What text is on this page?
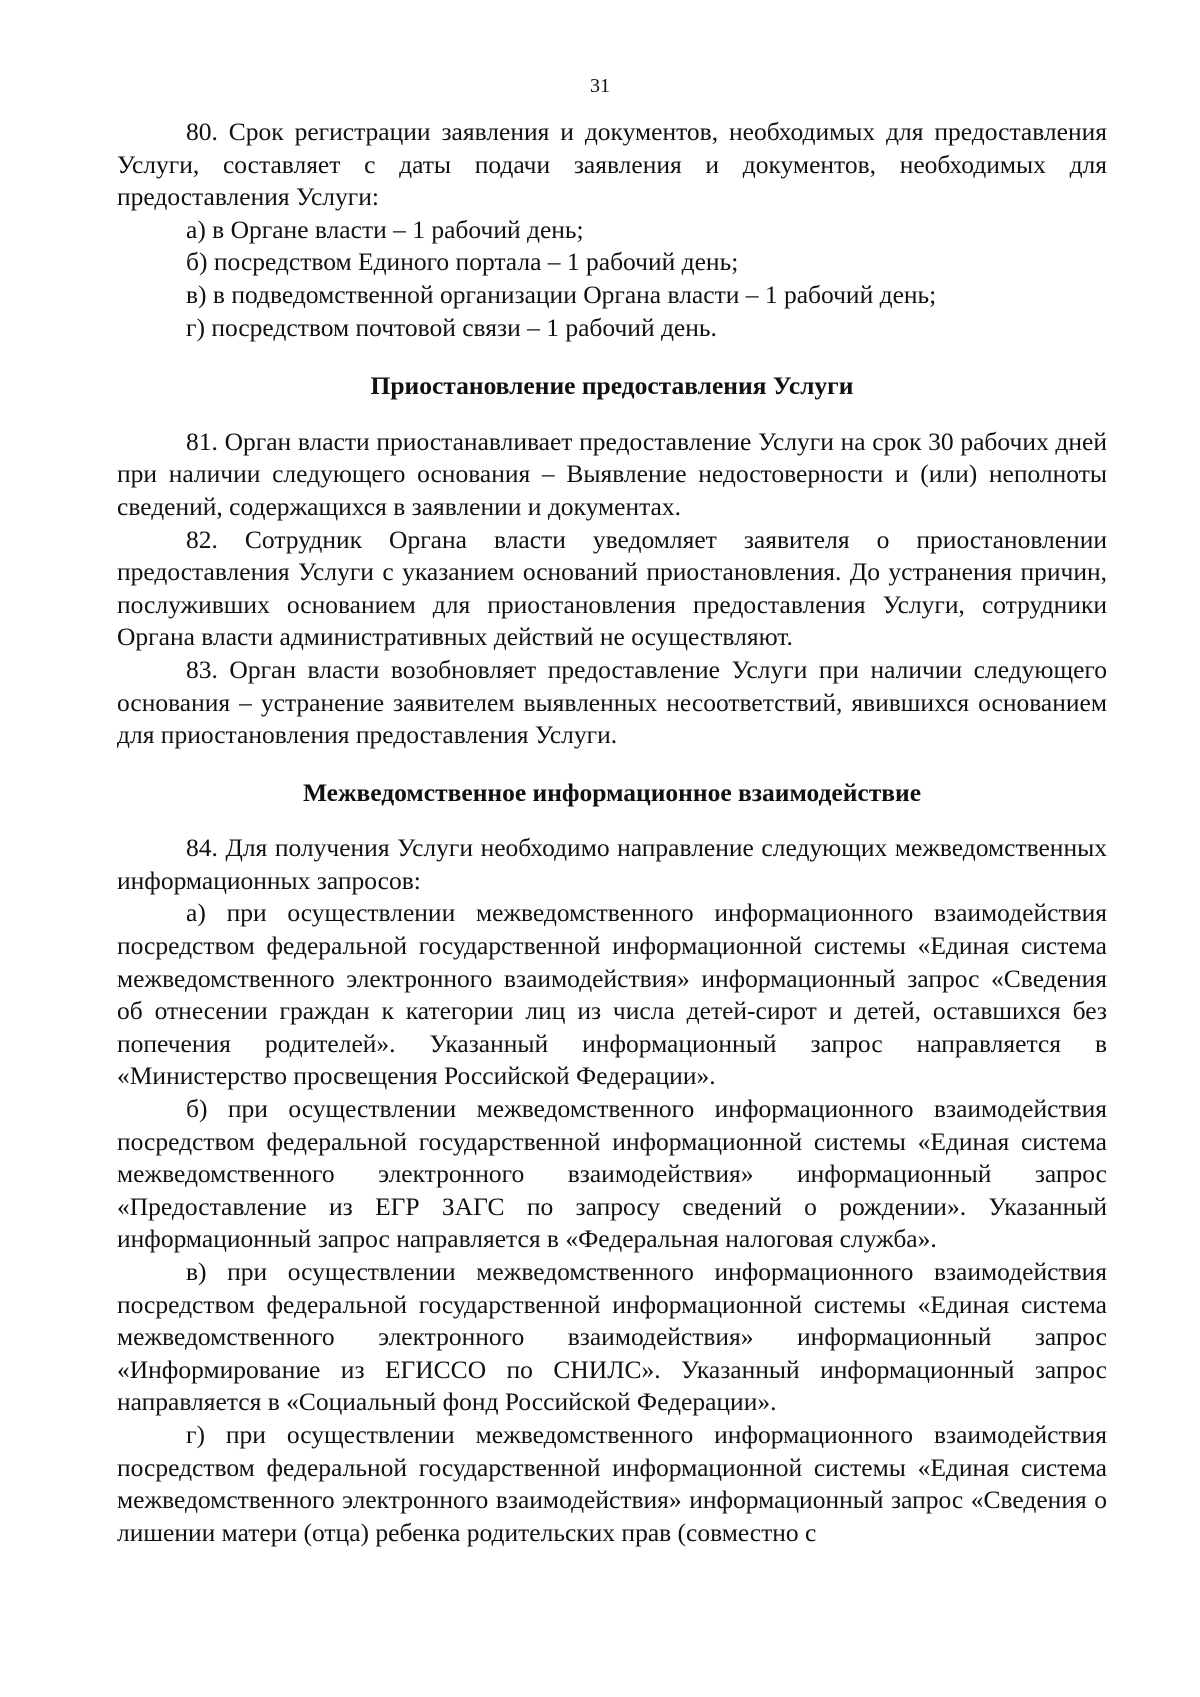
31

80. Срок регистрации заявления и документов, необходимых для предоставления Услуги, составляет с даты подачи заявления и документов, необходимых для предоставления Услуги:

а) в Органе власти – 1 рабочий день;

б) посредством Единого портала – 1 рабочий день;

в) в подведомственной организации Органа власти – 1 рабочий день;

г) посредством почтовой связи – 1 рабочий день.

Приостановление предоставления Услуги

81. Орган власти приостанавливает предоставление Услуги на срок 30 рабочих дней при наличии следующего основания – Выявление недостоверности и (или) неполноты сведений, содержащихся в заявлении и документах.

82. Сотрудник Органа власти уведомляет заявителя о приостановлении предоставления Услуги с указанием оснований приостановления. До устранения причин, послуживших основанием для приостановления предоставления Услуги, сотрудники Органа власти административных действий не осуществляют.

83. Орган власти возобновляет предоставление Услуги при наличии следующего основания – устранение заявителем выявленных несоответствий, явившихся основанием для приостановления предоставления Услуги.

Межведомственное информационное взаимодействие

84. Для получения Услуги необходимо направление следующих межведомственных информационных запросов:

а) при осуществлении межведомственного информационного взаимодействия посредством федеральной государственной информационной системы «Единая система межведомственного электронного взаимодействия» информационный запрос «Сведения об отнесении граждан к категории лиц из числа детей-сирот и детей, оставшихся без попечения родителей». Указанный информационный запрос направляется в «Министерство просвещения Российской Федерации».

б) при осуществлении межведомственного информационного взаимодействия посредством федеральной государственной информационной системы «Единая система межведомственного электронного взаимодействия» информационный запрос «Предоставление из ЕГР ЗАГС по запросу сведений о рождении». Указанный информационный запрос направляется в «Федеральная налоговая служба».

в) при осуществлении межведомственного информационного взаимодействия посредством федеральной государственной информационной системы «Единая система межведомственного электронного взаимодействия» информационный запрос «Информирование из ЕГИССО по СНИЛС». Указанный информационный запрос направляется в «Социальный фонд Российской Федерации».

г) при осуществлении межведомственного информационного взаимодействия посредством федеральной государственной информационной системы «Единая система межведомственного электронного взаимодействия» информационный запрос «Сведения о лишении матери (отца) ребенка родительских прав (совместно с
